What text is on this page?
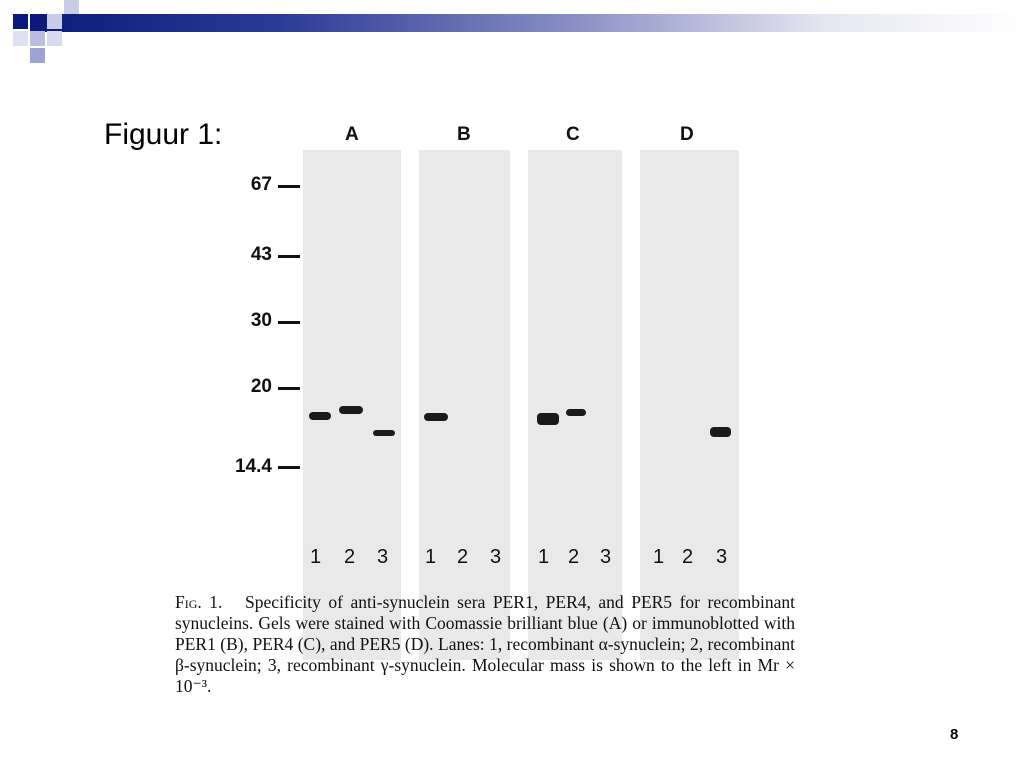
Figuur 1:	A	B	C	D
67
43
30
20
14.4
1 2 3 1 2 3 1 2 3 1 2 3
Fig. 1. Specificity of anti-synuclein sera PER1, PER4, and PER5 for recombinant synucleins. Gels were stained with Coomassie brilliant blue (A) or immunoblotted with PER1 (B), PER4 (C), and PER5 (D). Lanes: 1, recombinant α-synuclein; 2, recombinant β-synuclein; 3, recombinant γ-synuclein. Molecular mass is shown to the left in Mr × 10⁻³.
8
